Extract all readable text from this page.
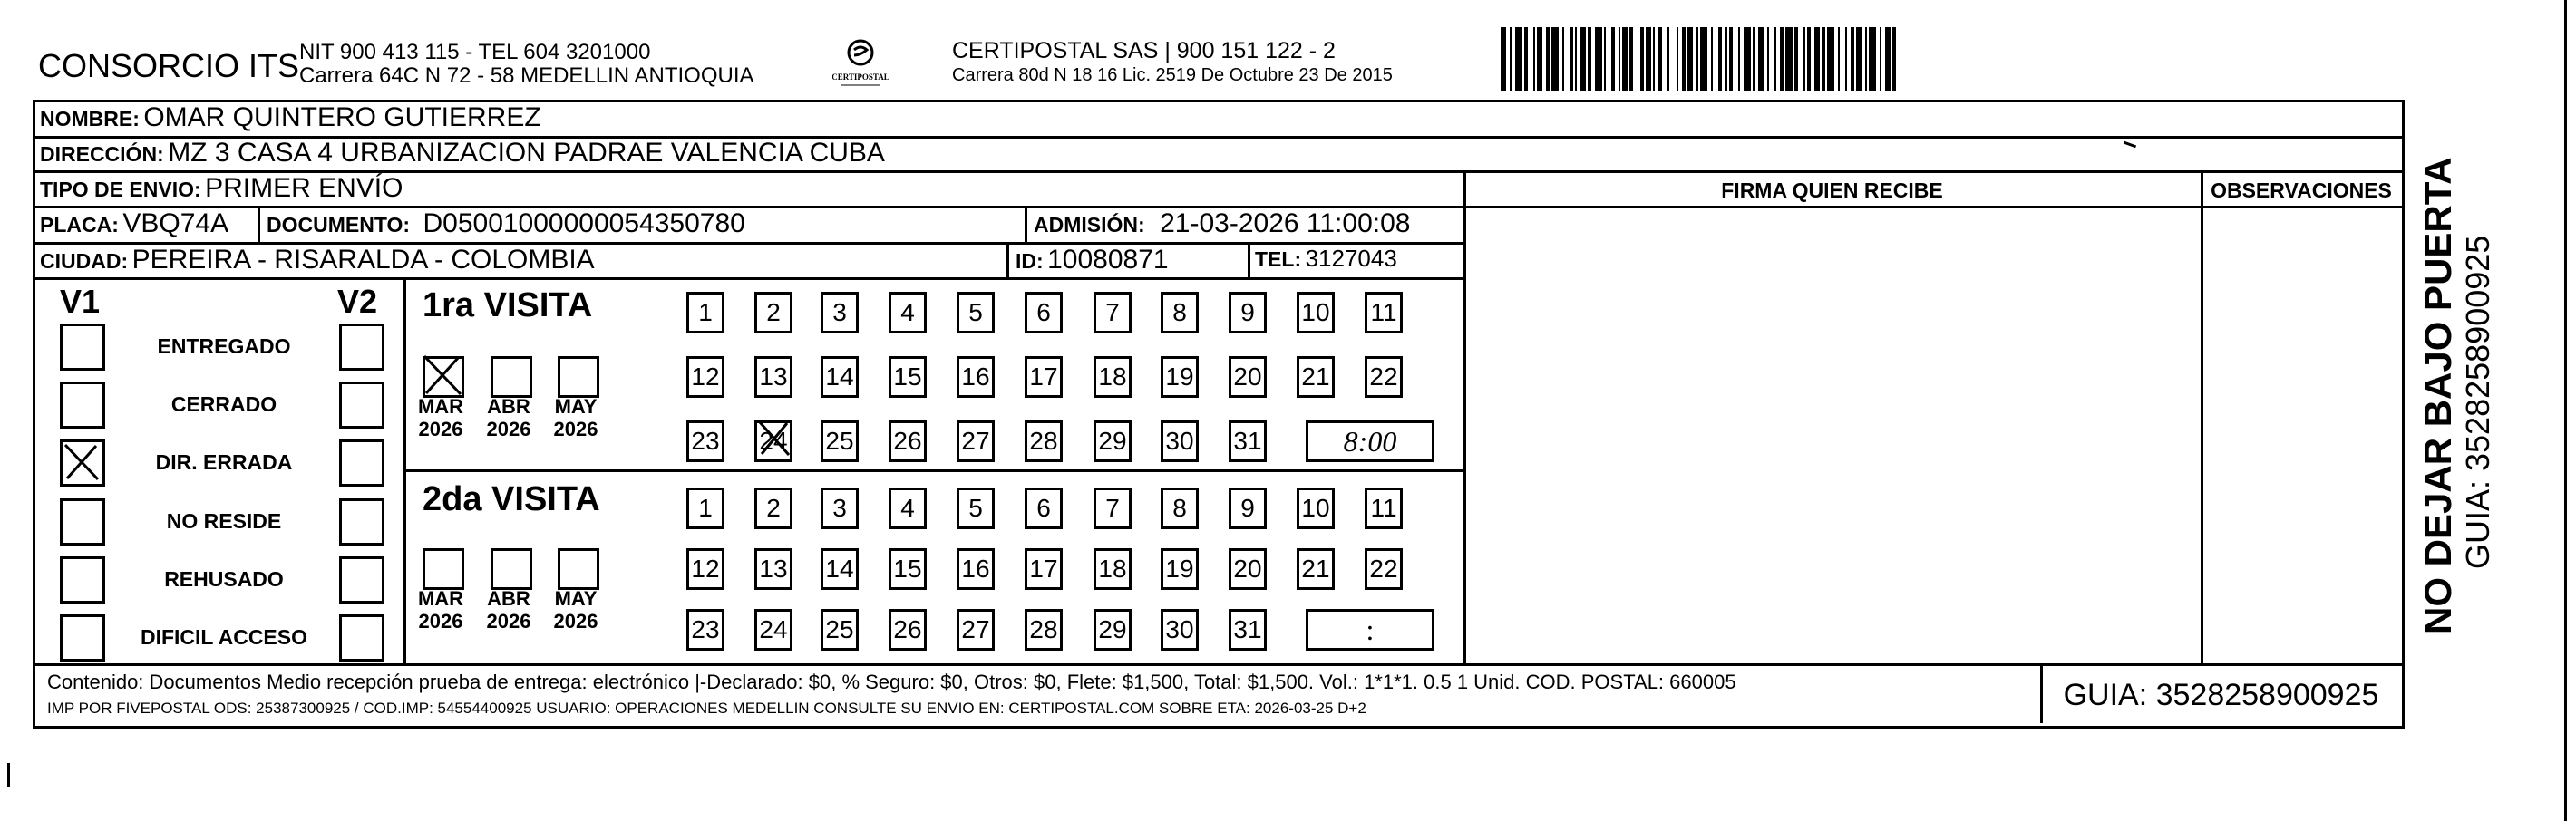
CONSORCIO ITS NIT 900 413 115 - TEL 604 3201000
Carrera 64C N 72 - 58 MEDELLIN ANTIOQUIA	CERTIPOSTAL
CERTIPOSTAL SAS | 900 151 122 - 2
Carrera 80d N 18 16 Lic. 2519 De Octubre 23 De 2015
NOMBRE: OMAR QUINTERO GUTIERREZ
DIRECCIÓN: MZ 3 CASA 4 URBANIZACION PADRAE VALENCIA CUBA
TIPO DE ENVIO: PRIMER ENVÍO	FIRMA QUIEN RECIBE	OBSERVACIONES
PLACA: VBQ74A DOCUMENTO: D05001000000054350780	ADMISIÓN: 21-03-2026 11:00:08
CIUDAD: PEREIRA - RISARALDA - COLOMBIA	ID: 10080871	TEL: 3127043
V1	V2 1ra VISITA
2da VISITA
Contenido: Documentos Medio recepción prueba de entrega: electrónico |-Declarado: $0, % Seguro: $0, Otros: $0, Flete: $1,500, Total: $1,500. Vol.: 1*1*1. 0.5 1 Unid. COD. POSTAL: 660005
IMP POR FIVEPOSTAL ODS: 25387300925 / COD.IMP: 54554400925 USUARIO: OPERACIONES MEDELLIN CONSULTE SU ENVIO EN: CERTIPOSTAL.COM SOBRE ETA: 2026-03-25 D+2	GUIA: 3528258900925
NO DEJAR BAJO PUERTA GUIA: 3528258900925
ENTREGADO
CERRADO
DIR. ERRADA
NO RESIDE
REHUSADO
DIFICIL ACCESO
MAR
2026
ABR
2026
MAY
2026
MAR
2026
ABR
2026
MAY
2026
1	2	3	4	5	6	7	8	9	10 11
12 13 14 15 16 17 18 19 20 21 22
23 24 25 26 27 28 29 30 31	8:00
1	2	3	4	5	6	7	8	9	10 11
12 13 14 15 16 17 18 19 20 21 22
23 24 25 26 27 28 29 30 31	:
